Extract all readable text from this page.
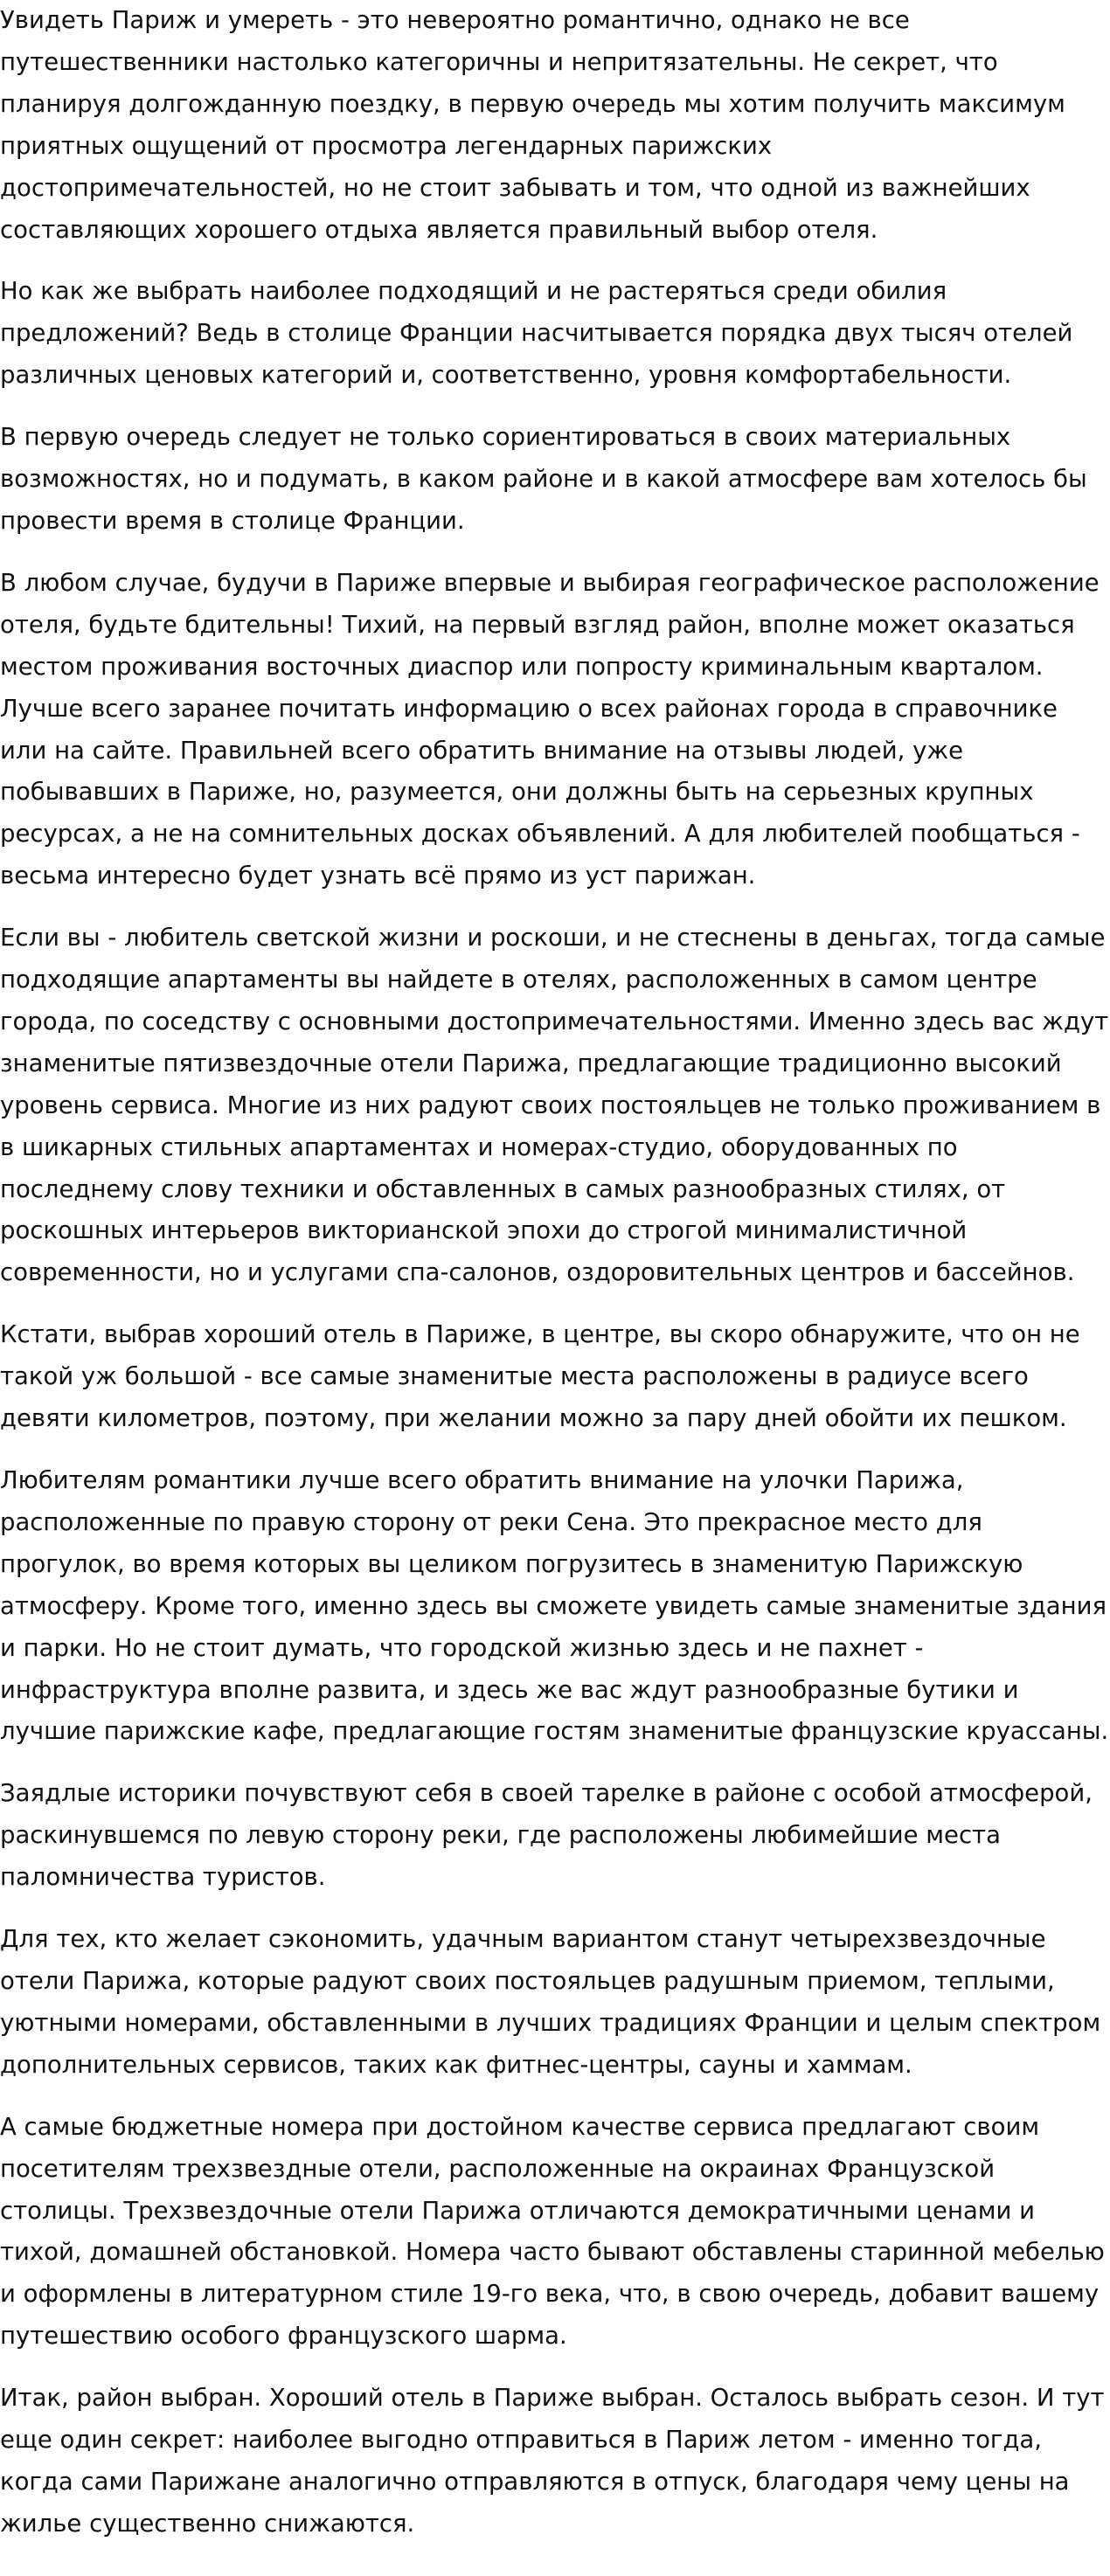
Увидеть Париж и умереть - это невероятно романтично, однако не все путешественники настолько категоричны и непритязательны. Не секрет, что планируя долгожданную поездку, в первую очередь мы хотим получить максимум приятных ощущений от просмотра легендарных парижских достопримечательностей, но не стоит забывать и том, что одной из важнейших составляющих хорошего отдыха является правильный выбор отеля.

Но как же выбрать наиболее подходящий и не растеряться среди обилия предложений? Ведь в столице Франции насчитывается порядка двух тысяч отелей различных ценовых категорий и, соответственно, уровня комфортабельности.

В первую очередь следует не только сориентироваться в своих материальных возможностях, но и подумать, в каком районе и в какой атмосфере вам хотелось бы провести время в столице Франции.

В любом случае, будучи в Париже впервые и выбирая географическое расположение отеля, будьте бдительны! Тихий, на первый взгляд район, вполне может оказаться местом проживания восточных диаспор или попросту криминальным кварталом. Лучше всего заранее почитать информацию о всех районах города в справочнике или на сайте. Правильней всего обратить внимание на отзывы людей, уже побывавших в Париже, но, разумеется, они должны быть на серьезных крупных ресурсах, а не на сомнительных досках объявлений. А для любителей пообщаться - весьма интересно будет узнать всё прямо из уст парижан.

Если вы - любитель светской жизни и роскоши, и не стеснены в деньгах, тогда самые подходящие апартаменты вы найдете в отелях, расположенных в самом центре города, по соседству с основными достопримечательностями. Именно здесь вас ждут знаменитые пятизвездочные отели Парижа, предлагающие традиционно высокий уровень сервиса. Многие из них радуют своих постояльцев не только проживанием в в шикарных стильных апартаментах и номерах-студио, оборудованных по последнему слову техники и обставленных в самых разнообразных стилях, от роскошных интерьеров викторианской эпохи до строгой минималистичной современности, но и услугами спа-салонов, оздоровительных центров и бассейнов.

Кстати, выбрав хороший отель в Париже, в центре, вы скоро обнаружите, что он не такой уж большой - все самые знаменитые места расположены в радиусе всего девяти километров, поэтому, при желании можно за пару дней обойти их пешком.

Любителям романтики лучше всего обратить внимание на улочки Парижа, расположенные по правую сторону от реки Сена. Это прекрасное место для прогулок, во время которых вы целиком погрузитесь в знаменитую Парижскую атмосферу. Кроме того, именно здесь вы сможете увидеть самые знаменитые здания и парки. Но не стоит думать, что городской жизнью здесь и не пахнет - инфраструктура вполне развита, и здесь же вас ждут разнообразные бутики и лучшие парижские кафе, предлагающие гостям знаменитые французские круассаны.

Заядлые историки почувствуют себя в своей тарелке в районе с особой атмосферой, раскинувшемся по левую сторону реки, где расположены любимейшие места паломничества туристов.

Для тех, кто желает сэкономить, удачным вариантом станут четырехзвездочные отели Парижа, которые радуют своих постояльцев радушным приемом, теплыми, уютными номерами, обставленными в лучших традициях Франции и целым спектром дополнительных сервисов, таких как фитнес-центры, сауны и хаммам.

А самые бюджетные номера при достойном качестве сервиса предлагают своим посетителям трехзвездные отели, расположенные на окраинах Французской столицы. Трехзвездочные отели Парижа отличаются демократичными ценами и тихой, домашней обстановкой. Номера часто бывают обставлены старинной мебелью и оформлены в литературном стиле 19-го века, что, в свою очередь, добавит вашему путешествию особого французского шарма.

Итак, район выбран. Хороший отель в Париже выбран. Осталось выбрать сезон. И тут еще один секрет: наиболее выгодно отправиться в Париж летом - именно тогда, когда сами Парижане аналогично отправляются в отпуск, благодаря чему цены на жилье существенно снижаются.
